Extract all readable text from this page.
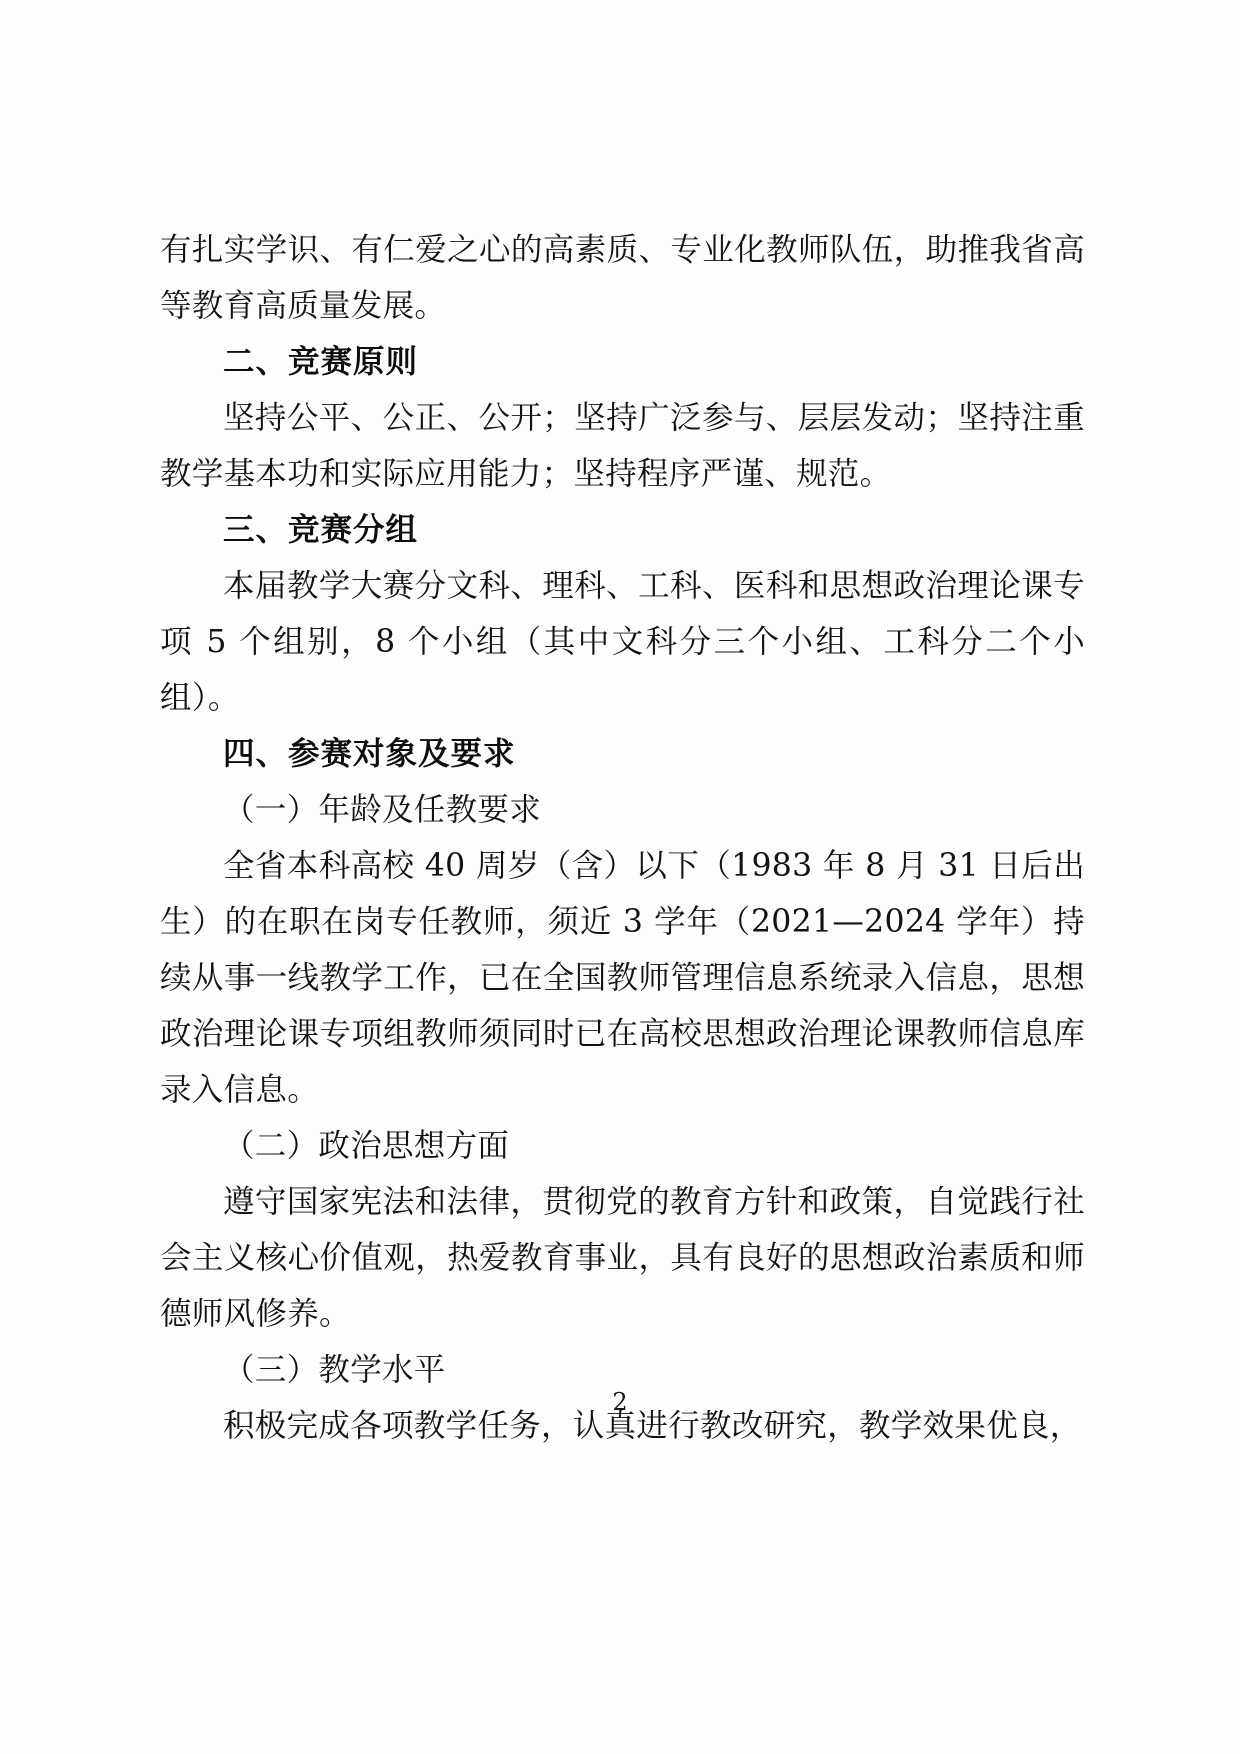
有扎实学识、有仁爱之心的高素质、专业化教师队伍，助推我省高等教育高质量发展。

二、竞赛原则

坚持公平、公正、公开；坚持广泛参与、层层发动；坚持注重教学基本功和实际应用能力；坚持程序严谨、规范。

三、竞赛分组

本届教学大赛分文科、理科、工科、医科和思想政治理论课专项 5 个组别，8 个小组（其中文科分三个小组、工科分二个小组）。

四、参赛对象及要求

（一）年龄及任教要求

全省本科高校 40 周岁（含）以下（1983 年 8 月 31 日后出生）的在职在岗专任教师，须近 3 学年（2021—2024 学年）持续从事一线教学工作，已在全国教师管理信息系统录入信息，思想政治理论课专项组教师须同时已在高校思想政治理论课教师信息库录入信息。

（二）政治思想方面

遵守国家宪法和法律，贯彻党的教育方针和政策，自觉践行社会主义核心价值观，热爱教育事业，具有良好的思想政治素质和师德师风修养。

（三）教学水平

积极完成各项教学任务，认真进行教改研究，教学效果优良，

2
